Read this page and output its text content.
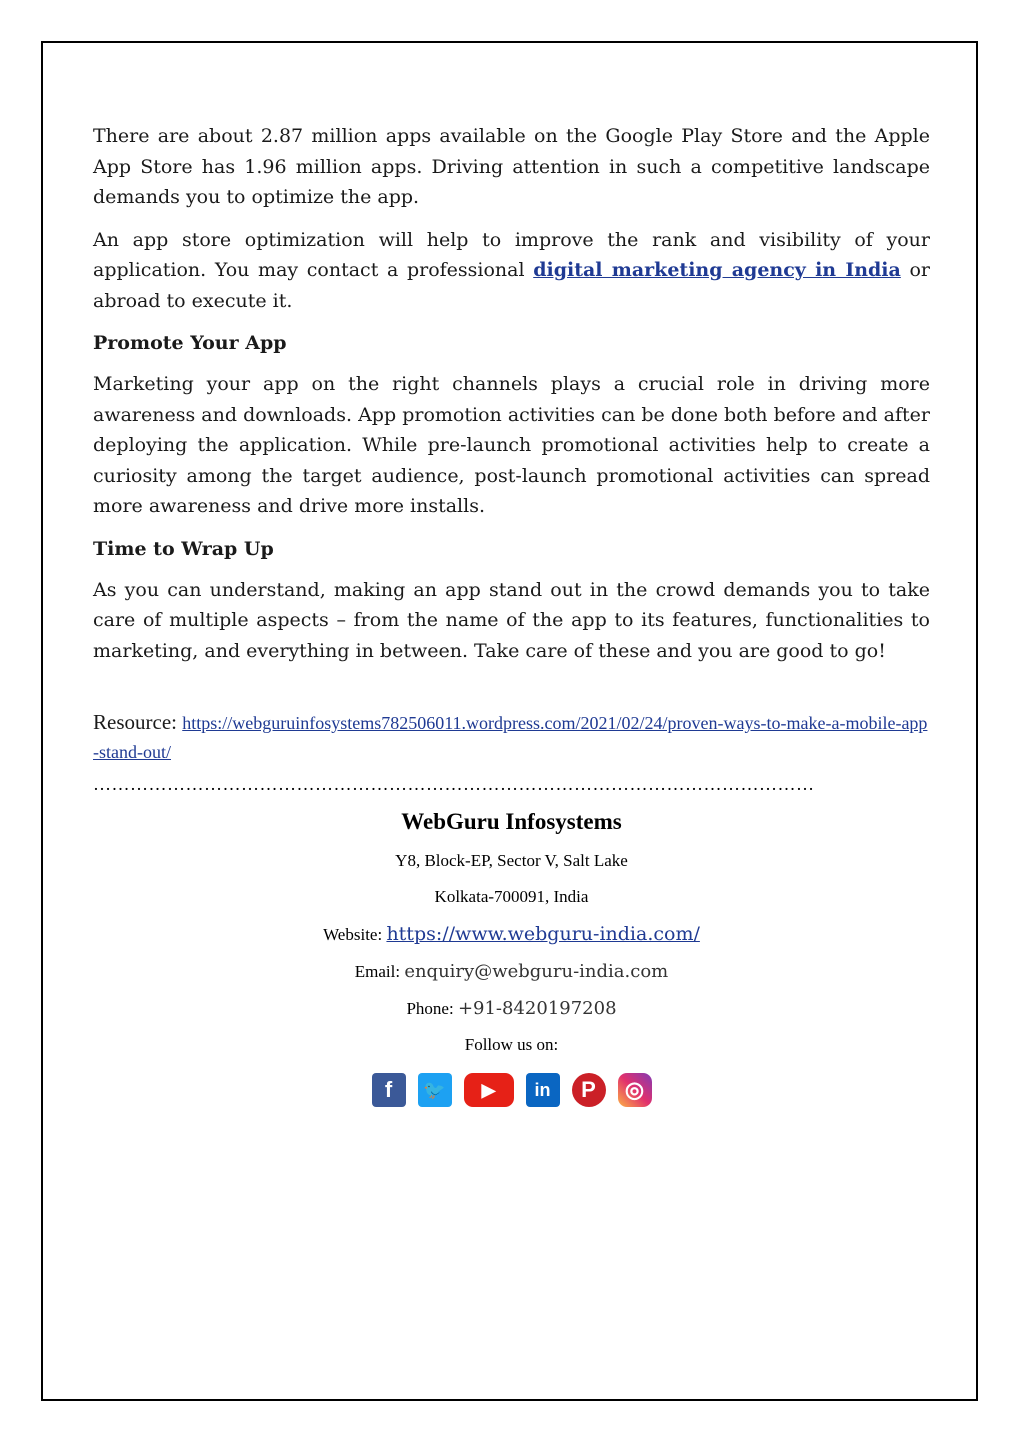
There are about 2.87 million apps available on the Google Play Store and the Apple App Store has 1.96 million apps. Driving attention in such a competitive landscape demands you to optimize the app.

An app store optimization will help to improve the rank and visibility of your application. You may contact a professional digital marketing agency in India or abroad to execute it.

Promote Your App

Marketing your app on the right channels plays a crucial role in driving more awareness and downloads. App promotion activities can be done both before and after deploying the application. While pre-launch promotional activities help to create a curiosity among the target audience, post-launch promotional activities can spread more awareness and drive more installs.

Time to Wrap Up

As you can understand, making an app stand out in the crowd demands you to take care of multiple aspects – from the name of the app to its features, functionalities to marketing, and everything in between. Take care of these and you are good to go!

Resource: https://webguruinfosystems782506011.wordpress.com/2021/02/24/proven-ways-to-make-a-mobile-app-stand-out/
………………………………………………………………………………………………………
WebGuru Infosystems
Y8, Block-EP, Sector V, Salt Lake
Kolkata-700091, India
Website: https://www.webguru-india.com/
Email: enquiry@webguru-india.com
Phone: +91-8420197208
Follow us on:
f	🐦	▶	in	P	◎
